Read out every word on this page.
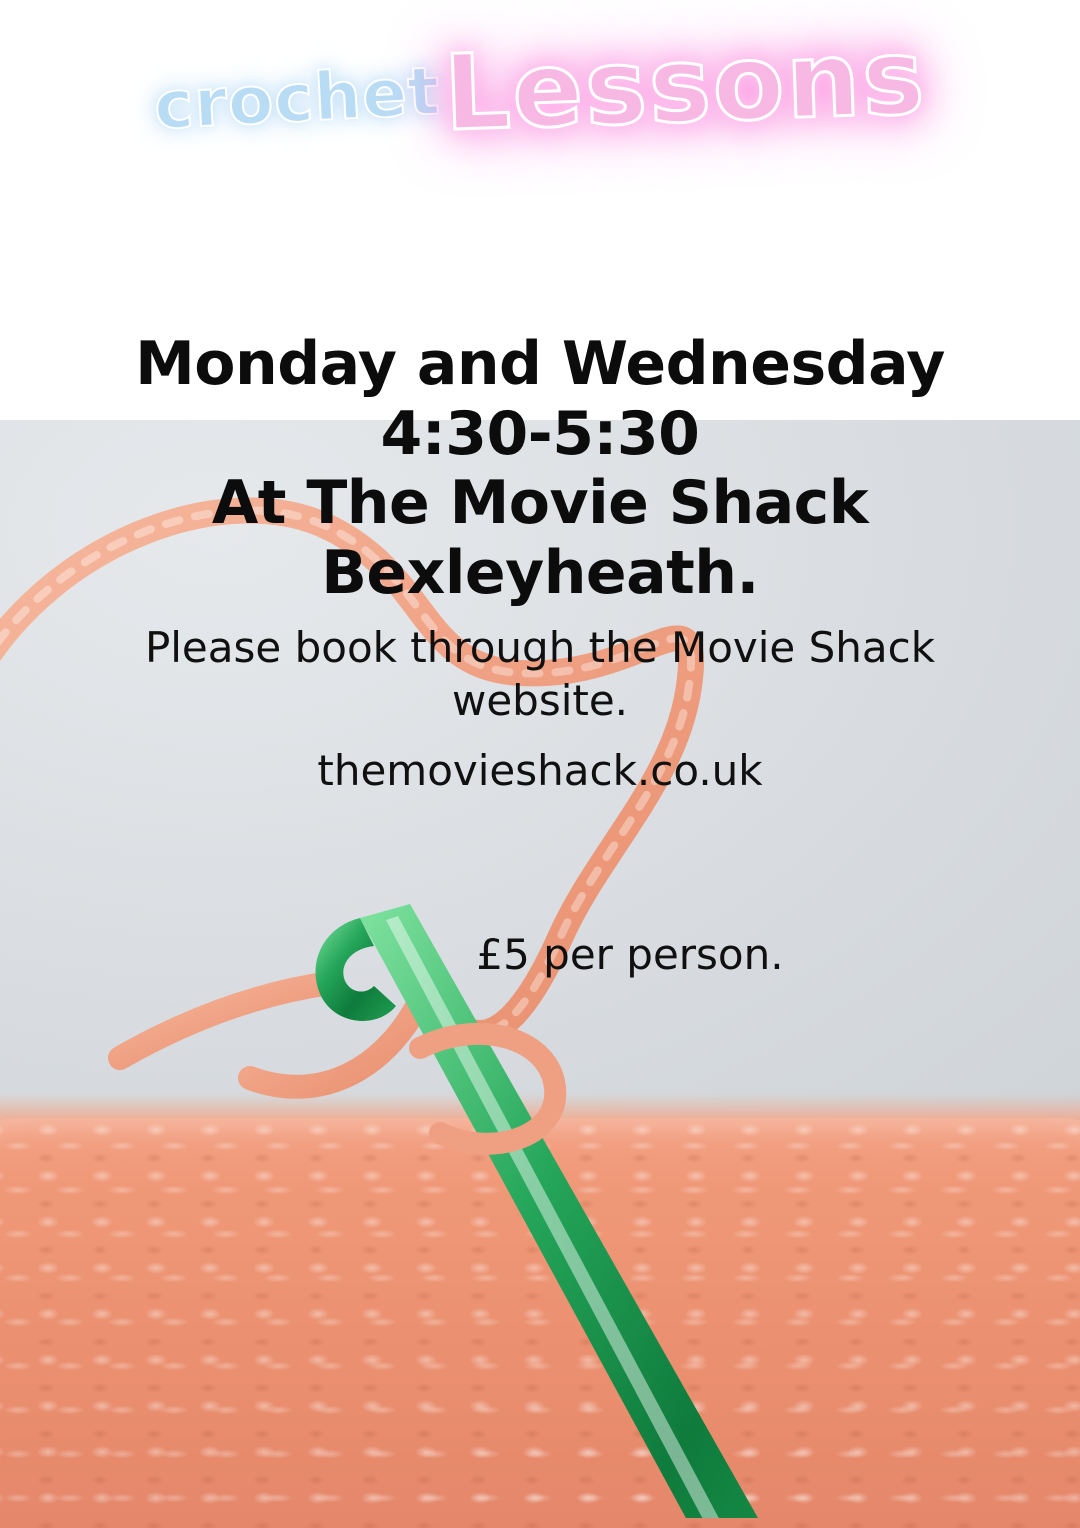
crochet Lessons
Monday and Wednesday
4:30-5:30
At The Movie Shack
Bexleyheath.

Please book through the Movie Shack
website.

themovieshack.co.uk

£5 per person.
